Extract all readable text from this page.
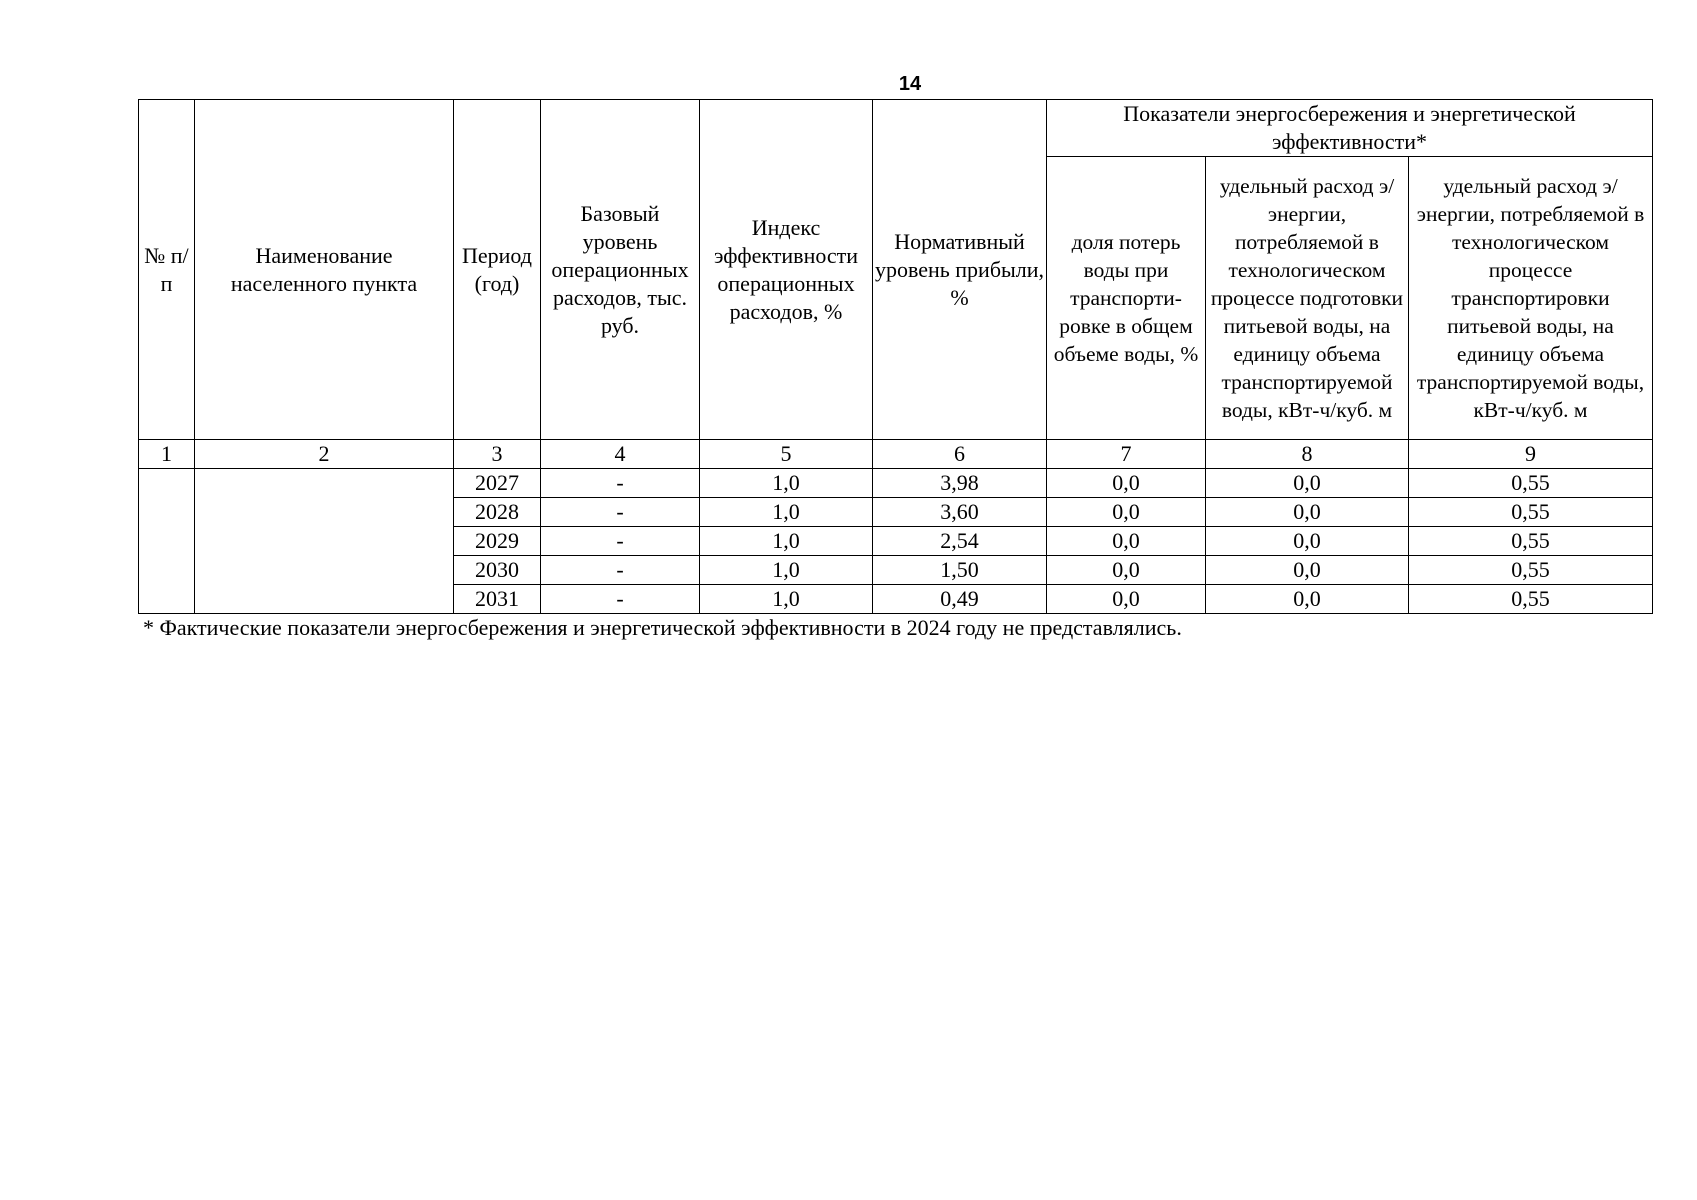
14
№ п/п	Наименование населенного пункта	Период (год)	Базовый уровень операционных расходов, тыс. руб.	Индекс эффективности операционных расходов, %	Нормативный уровень прибыли, %	Показатели энергосбережения и энергетической эффективности*		
						доля потерь воды при транспорти-ровке в общем объеме воды, %	удельный расход э/энергии, потребляемой в технологическом процессе подготовки питьевой воды, на единицу объема транспортируемой воды, кВт-ч/куб. м	удельный расход э/энергии, потребляемой в технологическом процессе транспортировки питьевой воды, на единицу объема транспортируемой воды, кВт-ч/куб. м
1	2	3	4	5	6	7	8	9
		2027	-	1,0	3,98	0,0	0,0	0,55
		2028	-	1,0	3,60	0,0	0,0	0,55
		2029	-	1,0	2,54	0,0	0,0	0,55
		2030	-	1,0	1,50	0,0	0,0	0,55
		2031	-	1,0	0,49	0,0	0,0	0,55
* Фактические показатели энергосбережения и энергетической эффективности в 2024 году не представлялись.
